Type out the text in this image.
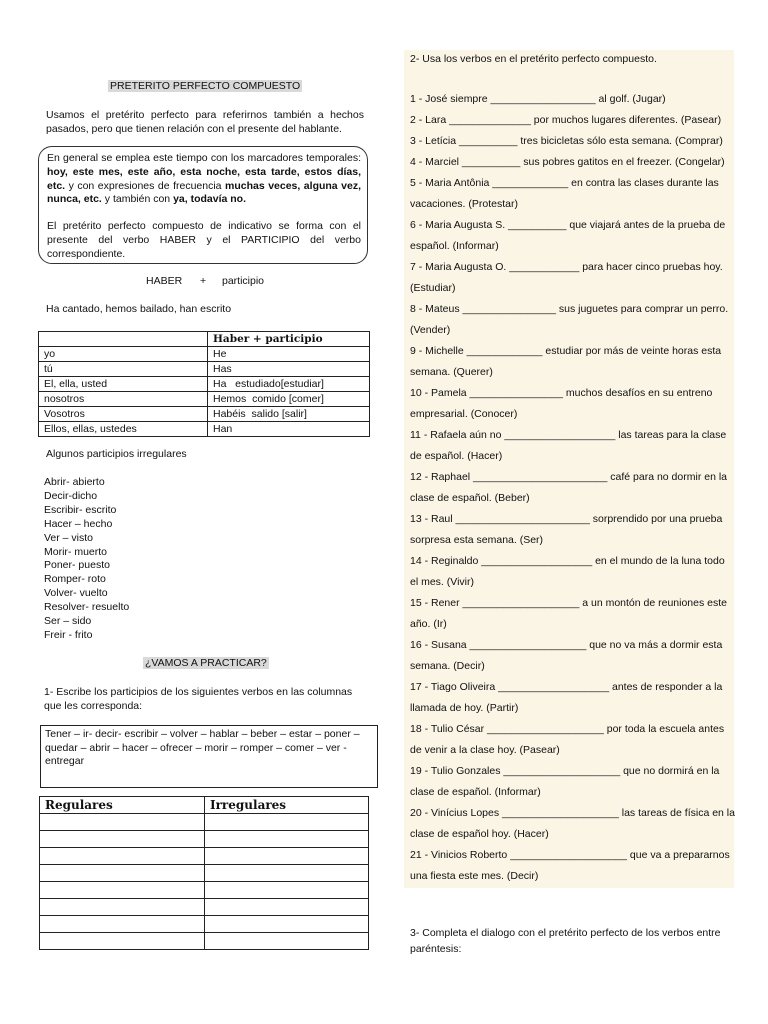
PRETERITO PERFECTO COMPUESTO

Usamos el pretérito perfecto para referirnos también a hechos pasados, pero que tienen relación con el presente del hablante.

En general se emplea este tiempo con los marcadores temporales: hoy, este mes, este año, esta noche, esta tarde, estos días, etc. y con expresiones de frecuencia muchas veces, alguna vez, nunca, etc. y también con ya, todavía no.

El pretérito perfecto compuesto de indicativo se forma con el presente del verbo HABER y el PARTICIPIO del verbo correspondiente.

HABER + participio
Ha cantado, hemos bailado, han escrito
	Haber + participio
yo	He
tú	Has
El, ella, usted	Ha   estudiado[estudiar]
nosotros	Hemos  comido [comer]
Vosotros	Habéis  salido [salir]
Ellos, ellas, ustedes	Han
Algunos participios irregulares
Abrir- abierto
Decir-dicho
Escribir- escrito
Hacer – hecho
Ver – visto
Morir- muerto
Poner- puesto
Romper- roto
Volver- vuelto
Resolver- resuelto
Ser – sido
Freir - frito
¿VAMOS A PRACTICAR?

1- Escribe los participios de los siguientes verbos en las columnas que les corresponda:

Tener – ir- decir- escribir – volver – hablar – beber – estar – poner – quedar – abrir – hacer – ofrecer – morir – romper – comer – ver - entregar
Regulares	Irregulares

2- Usa los verbos en el pretérito perfecto compuesto.
1 - José siempre __________________ al golf. (Jugar)
2 - Lara ______________ por muchos lugares diferentes. (Pasear)
3 - Letícia __________ tres bicicletas sólo esta semana. (Comprar)
4 - Marciel __________ sus pobres gatitos en el freezer. (Congelar)
5 - Maria Antônia _____________ en contra las clases durante las vacaciones. (Protestar)
6 - Maria Augusta S. __________ que viajará antes de la prueba de español. (Informar)
7 - Maria Augusta O. ____________ para hacer cinco pruebas hoy. (Estudiar)
8 - Mateus ________________ sus juguetes para comprar un perro. (Vender)
9 - Michelle _____________ estudiar por más de veinte horas esta semana. (Querer)
10 - Pamela ________________ muchos desafíos en su entreno empresarial. (Conocer)
11 - Rafaela aún no ___________________ las tareas para la clase de español. (Hacer)
12 - Raphael _______________________ café para no dormir en la clase de español. (Beber)
13 - Raul _______________________ sorprendido por una prueba sorpresa esta semana. (Ser)
14 - Reginaldo ___________________ en el mundo de la luna todo el mes. (Vivir)
15 - Rener ____________________ a un montón de reuniones este año. (Ir)
16 - Susana ____________________ que no va más a dormir esta semana. (Decir)
17 - Tiago Oliveira ___________________ antes de responder a la llamada de hoy. (Partir)
18 - Tulio César ____________________ por toda la escuela antes de venir a la clase hoy. (Pasear)
19 - Tulio Gonzales ____________________ que no dormirá en la clase de español. (Informar)
20 - Vinícius Lopes ____________________ las tareas de física en la clase de español hoy. (Hacer)
21 - Vinicios Roberto ____________________ que va a prepararnos una fiesta este mes. (Decir)

3- Completa el dialogo con el pretérito perfecto de los verbos entre paréntesis:
